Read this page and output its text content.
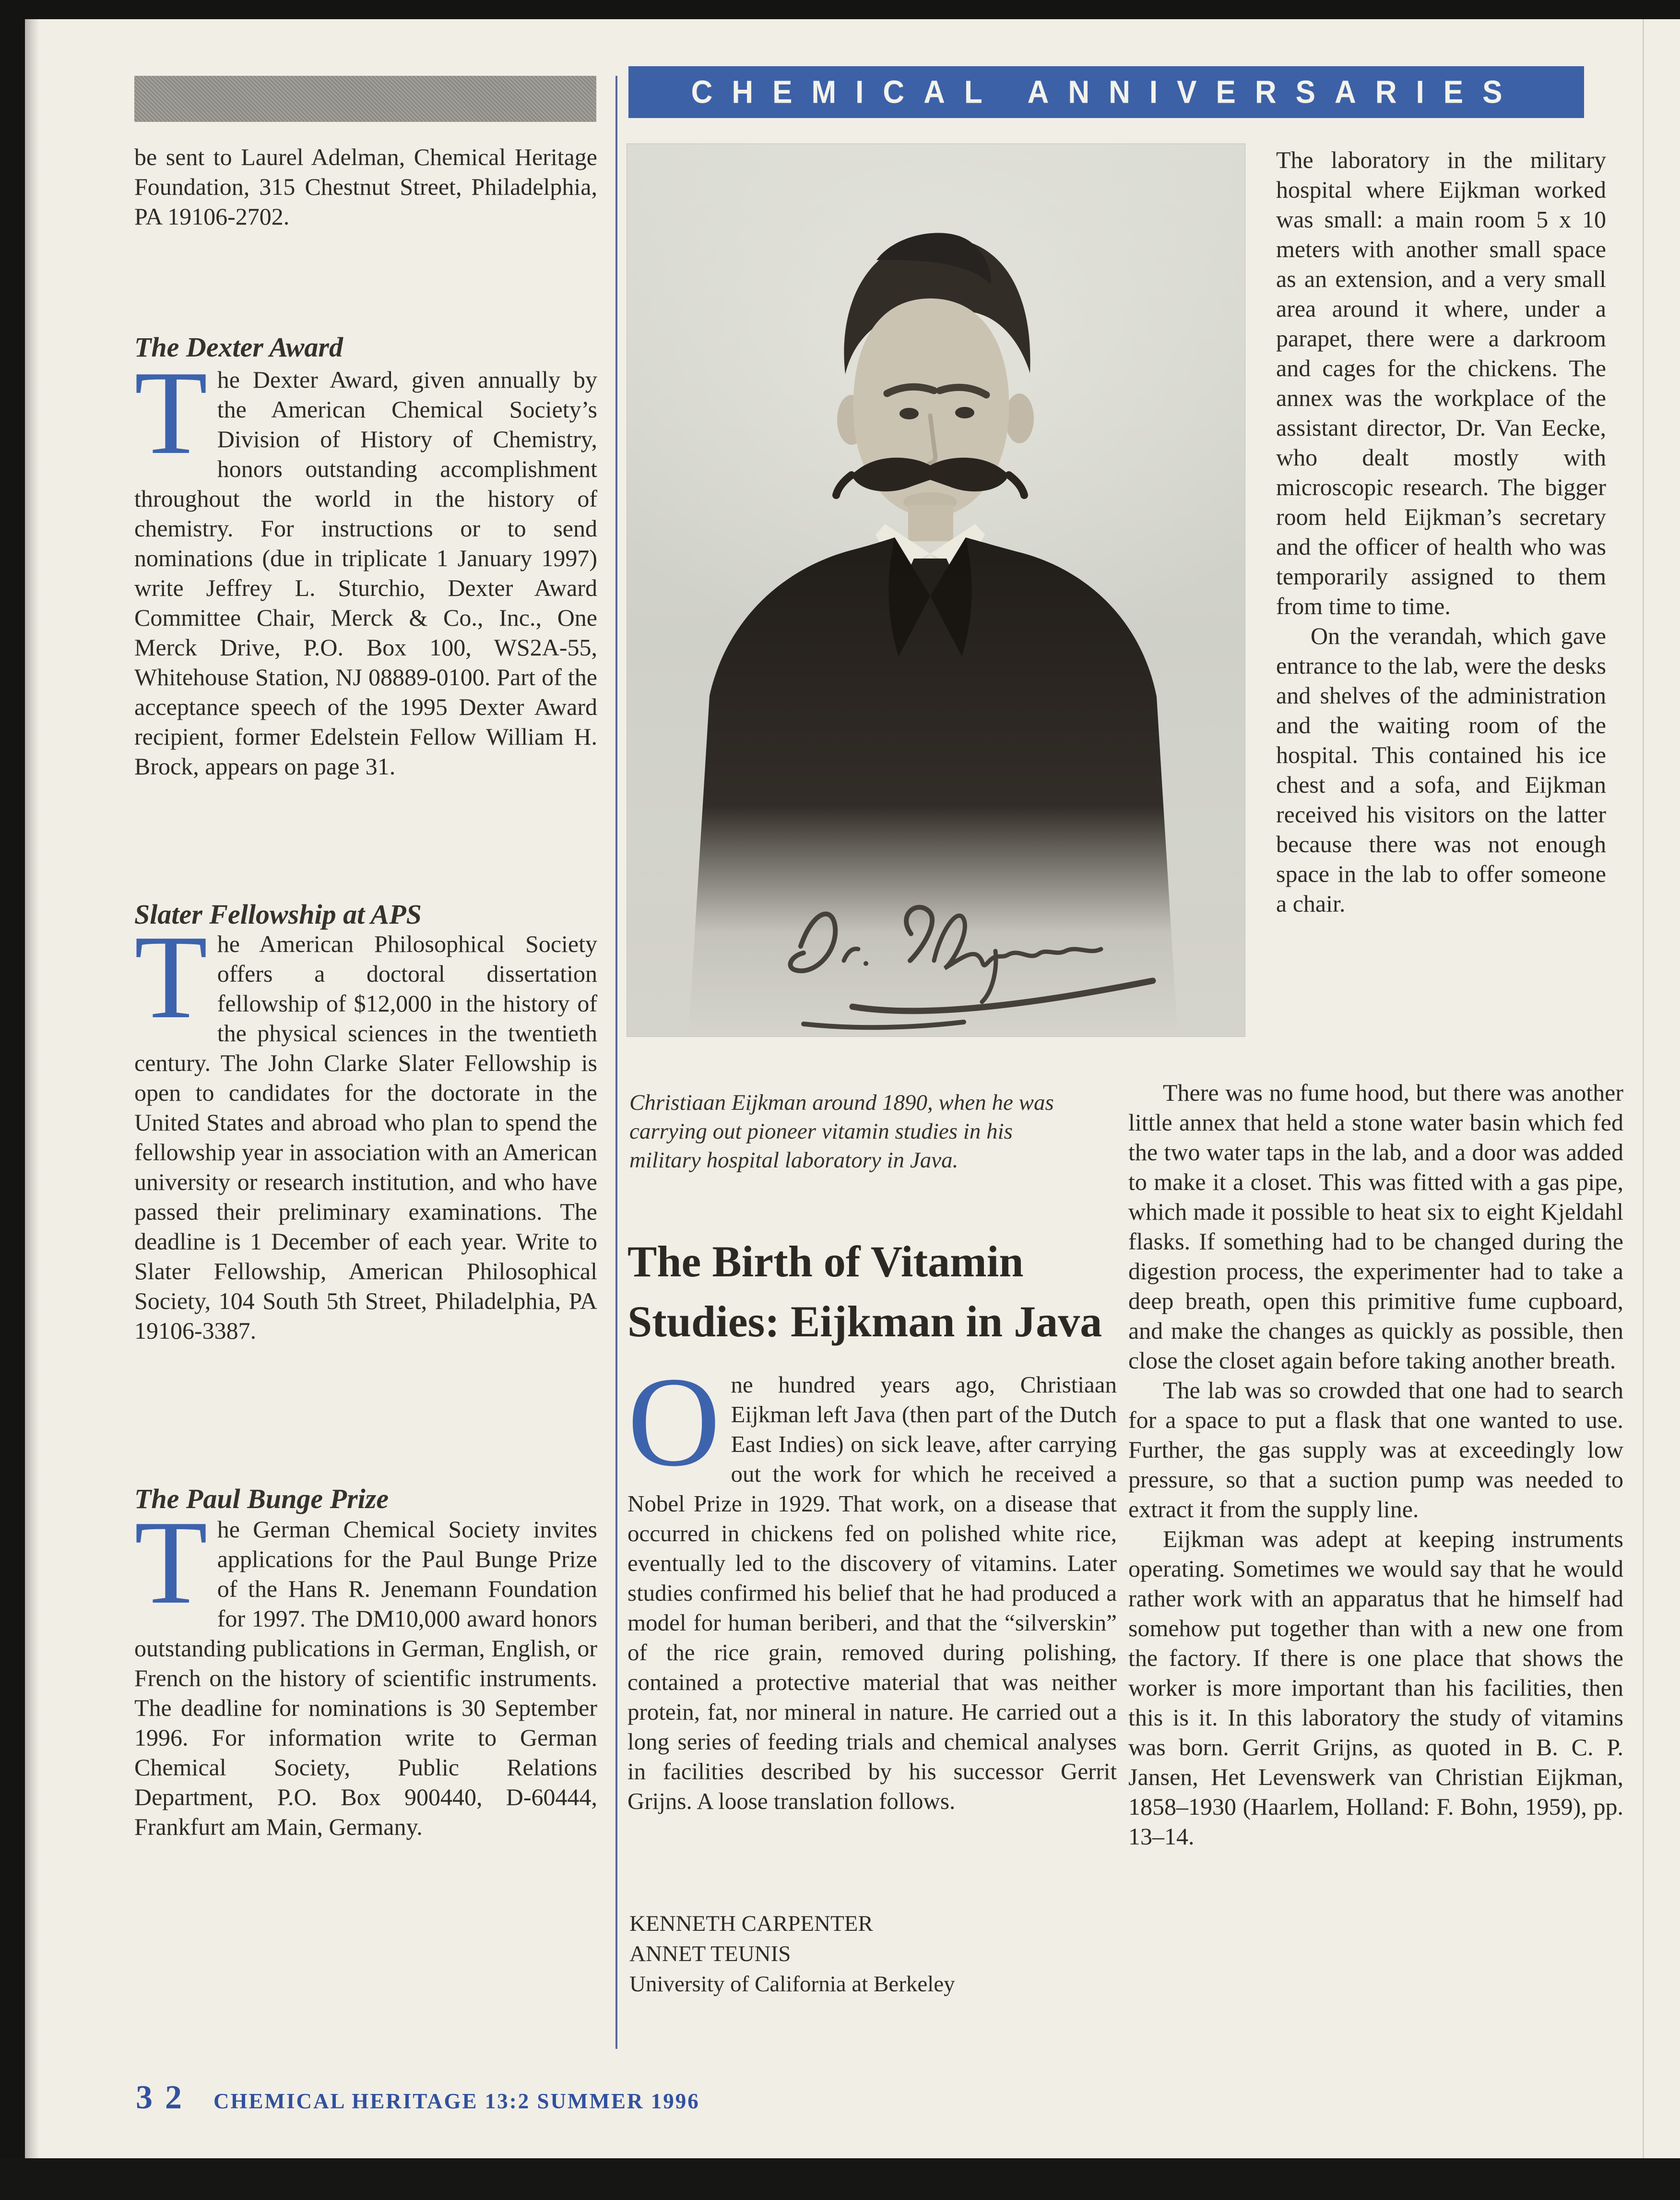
CHEMICAL ANNIVERSARIES

be sent to Laurel Adelman, Chemical Heritage Foundation, 315 Chestnut Street, Philadelphia, PA 19106-2702.

The Dexter Award

The Dexter Award, given annually by the American Chemical Society’s Division of History of Chemistry, honors outstanding accomplishment throughout the world in the history of chemistry. For instructions or to send nominations (due in triplicate 1 January 1997) write Jeffrey L. Sturchio, Dexter Award Committee Chair, Merck & Co., Inc., One Merck Drive, P.O. Box 100, WS2A-55, Whitehouse Station, NJ 08889-0100. Part of the acceptance speech of the 1995 Dexter Award recipient, former Edelstein Fellow William H. Brock, appears on page 31.

Slater Fellowship at APS

The American Philosophical Society offers a doctoral dissertation fellowship of $12,000 in the history of the physical sciences in the twentieth century. The John Clarke Slater Fellowship is open to candidates for the doctorate in the United States and abroad who plan to spend the fellowship year in association with an American university or research institution, and who have passed their preliminary examinations. The deadline is 1 December of each year. Write to Slater Fellowship, American Philosophical Society, 104 South 5th Street, Philadelphia, PA 19106-3387.

The Paul Bunge Prize

The German Chemical Society invites applications for the Paul Bunge Prize of the Hans R. Jenemann Foundation for 1997. The DM10,000 award honors outstanding publications in German, English, or French on the history of scientific instruments. The deadline for nominations is 30 September 1996. For information write to German Chemical Society, Public Relations Department, P.O. Box 900440, D-60444, Frankfurt am Main, Germany.

Christiaan Eijkman around 1890, when he was carrying out pioneer vitamin studies in his military hospital laboratory in Java.

The Birth of Vitamin Studies: Eijkman in Java

One hundred years ago, Christiaan Eijkman left Java (then part of the Dutch East Indies) on sick leave, after carrying out the work for which he received a Nobel Prize in 1929. That work, on a disease that occurred in chickens fed on polished white rice, eventually led to the discovery of vitamins. Later studies confirmed his belief that he had produced a model for human beriberi, and that the “silverskin” of the rice grain, removed during polishing, contained a protective material that was neither protein, fat, nor mineral in nature. He carried out a long series of feeding trials and chemical analyses in facilities described by his successor Gerrit Grijns. A loose translation follows.

KENNETH CARPENTER
ANNET TEUNIS
University of California at Berkeley

The laboratory in the military hospital where Eijkman worked was small: a main room 5 x 10 meters with another small space as an extension, and a very small area around it where, under a parapet, there were a darkroom and cages for the chickens. The annex was the workplace of the assistant director, Dr. Van Eecke, who dealt mostly with microscopic research. The bigger room held Eijkman’s secretary and the officer of health who was temporarily assigned to them from time to time.

On the verandah, which gave entrance to the lab, were the desks and shelves of the administration and the waiting room of the hospital. This contained his ice chest and a sofa, and Eijkman received his visitors on the latter because there was not enough space in the lab to offer someone a chair.

There was no fume hood, but there was another little annex that held a stone water basin which fed the two water taps in the lab, and a door was added to make it a closet. This was fitted with a gas pipe, which made it possible to heat six to eight Kjeldahl flasks. If something had to be changed during the digestion process, the experimenter had to take a deep breath, open this primitive fume cupboard, and make the changes as quickly as possible, then close the closet again before taking another breath.

The lab was so crowded that one had to search for a space to put a flask that one wanted to use. Further, the gas supply was at exceedingly low pressure, so that a suction pump was needed to extract it from the supply line.

Eijkman was adept at keeping instruments operating. Sometimes we would say that he would rather work with an apparatus that he himself had somehow put together than with a new one from the factory. If there is one place that shows the worker is more important than his facilities, then this is it. In this laboratory the study of vitamins was born. Gerrit Grijns, as quoted in B. C. P. Jansen, Het Levenswerk van Christian Eijkman, 1858–1930 (Haarlem, Holland: F. Bohn, 1959), pp. 13–14.

32 CHEMICAL HERITAGE 13:2 SUMMER 1996
